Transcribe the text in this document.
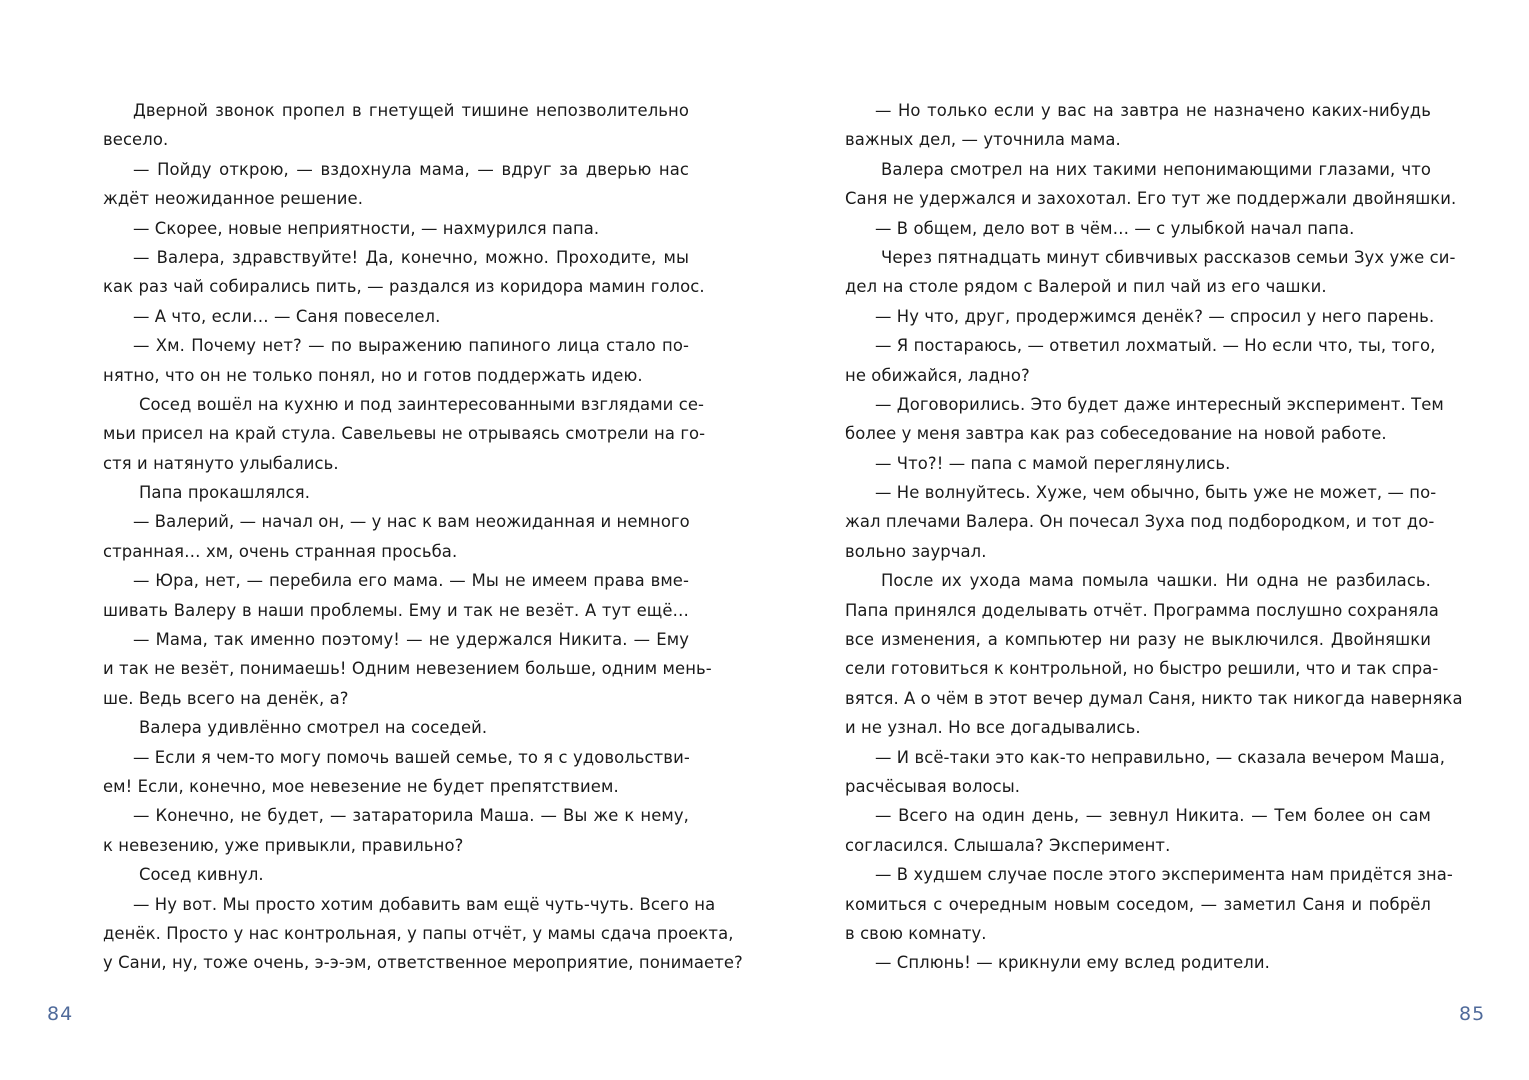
Дверной звонок пропел в гнетущей тишине непозволительно
весело.
— Пойду открою, — вздохнула мама, — вдруг за дверью нас
ждёт неожиданное решение.
— Скорее, новые неприятности, — нахмурился папа.
— Валера, здравствуйте! Да, конечно, можно. Проходите, мы
как раз чай собирались пить, — раздался из коридора мамин голос.
— А что, если… — Саня повеселел.
— Хм. Почему нет? — по выражению папиного лица стало по-
нятно, что он не только понял, но и готов поддержать идею.
Сосед вошёл на кухню и под заинтересованными взглядами се-
мьи присел на край стула. Савельевы не отрываясь смотрели на го-
стя и натянуто улыбались.
Папа прокашлялся.
— Валерий, — начал он, — у нас к вам неожиданная и немного
странная… хм, очень странная просьба.
— Юра, нет, — перебила его мама. — Мы не имеем права вме-
шивать Валеру в наши проблемы. Ему и так не везёт. А тут ещё…
— Мама, так именно поэтому! — не удержался Никита. — Ему
и так не везёт, понимаешь! Одним невезением больше, одним мень-
ше. Ведь всего на денёк, а?
Валера удивлённо смотрел на соседей.
— Если я чем-то могу помочь вашей семье, то я с удовольстви-
ем! Если, конечно, мое невезение не будет препятствием.
— Конечно, не будет, — затараторила Маша. — Вы же к нему,
к невезению, уже привыкли, правильно?
Сосед кивнул.
— Ну вот. Мы просто хотим добавить вам ещё чуть-чуть. Всего на
денёк. Просто у нас контрольная, у папы отчёт, у мамы сдача проекта,
у Сани, ну, тоже очень, э-э-эм, ответственное мероприятие, понимаете?
— Но только если у вас на завтра не назначено каких-нибудь
важных дел, — уточнила мама.
Валера смотрел на них такими непонимающими глазами, что
Саня не удержался и захохотал. Его тут же поддержали двойняшки.
— В общем, дело вот в чём… — с улыбкой начал папа.
Через пятнадцать минут сбивчивых рассказов семьи Зух уже си-
дел на столе рядом с Валерой и пил чай из его чашки.
— Ну что, друг, продержимся денёк? — спросил у него парень.
— Я постараюсь, — ответил лохматый. — Но если что, ты, того,
не обижайся, ладно?
— Договорились. Это будет даже интересный эксперимент. Тем
более у меня завтра как раз собеседование на новой работе.
— Что?! — папа с мамой переглянулись.
— Не волнуйтесь. Хуже, чем обычно, быть уже не может, — по-
жал плечами Валера. Он почесал Зуха под подбородком, и тот до-
вольно заурчал.
После их ухода мама помыла чашки. Ни одна не разбилась.
Папа принялся доделывать отчёт. Программа послушно сохраняла
все изменения, а компьютер ни разу не выключился. Двойняшки
сели готовиться к контрольной, но быстро решили, что и так спра-
вятся. А о чём в этот вечер думал Саня, никто так никогда наверняка
и не узнал. Но все догадывались.
— И всё-таки это как-то неправильно, — сказала вечером Маша,
расчёсывая волосы.
— Всего на один день, — зевнул Никита. — Тем более он сам
согласился. Слышала? Эксперимент.
— В худшем случае после этого эксперимента нам придётся зна-
комиться с очередным новым соседом, — заметил Саня и побрёл
в свою комнату.
— Сплюнь! — крикнули ему вслед родители.
84	85
